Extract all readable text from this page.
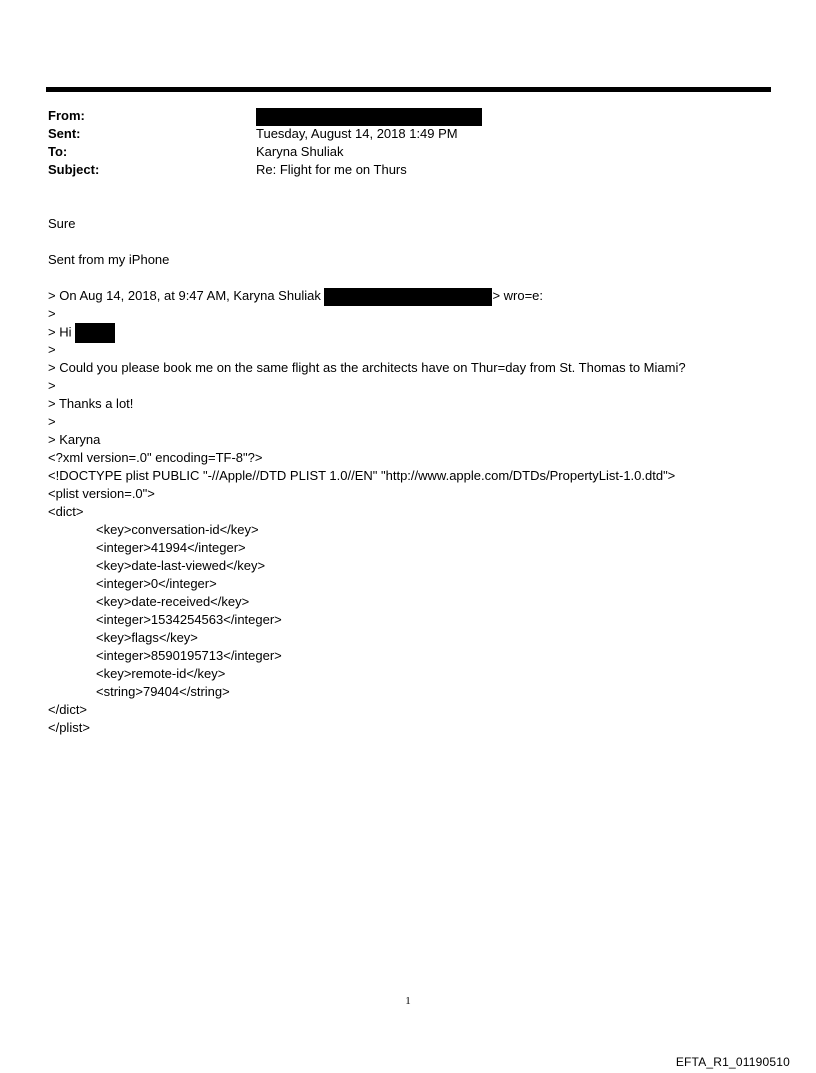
From:
Sent:	Tuesday, August 14, 2018 1:49 PM
To:	Karyna Shuliak
Subject:	Re: Flight for me on Thurs
Sure
Sent from my iPhone
> On Aug 14, 2018, at 9:47 AM, Karyna Shuliak	> wro=e:
>
> Hi
>
> Could you please book me on the same flight as the architects have on Thur=day from St. Thomas to Miami?
>
> Thanks a lot!
>
> Karyna
<?xml version=.0" encoding=TF-8"?>
<!DOCTYPE plist PUBLIC "-//Apple//DTD PLIST 1.0//EN" "http://www.apple.com/DTDs/PropertyList-1.0.dtd">
<plist version=.0">
<dict>
<key>conversation-id</key>
<integer>41994</integer>
<key>date-last-viewed</key>
<integer>0</integer>
<key>date-received</key>
<integer>1534254563</integer>
<key>flags</key>
<integer>8590195713</integer>
<key>remote-id</key>
<string>79404</string>
</dict>
</plist>
1
EFTA_R1_01190510
